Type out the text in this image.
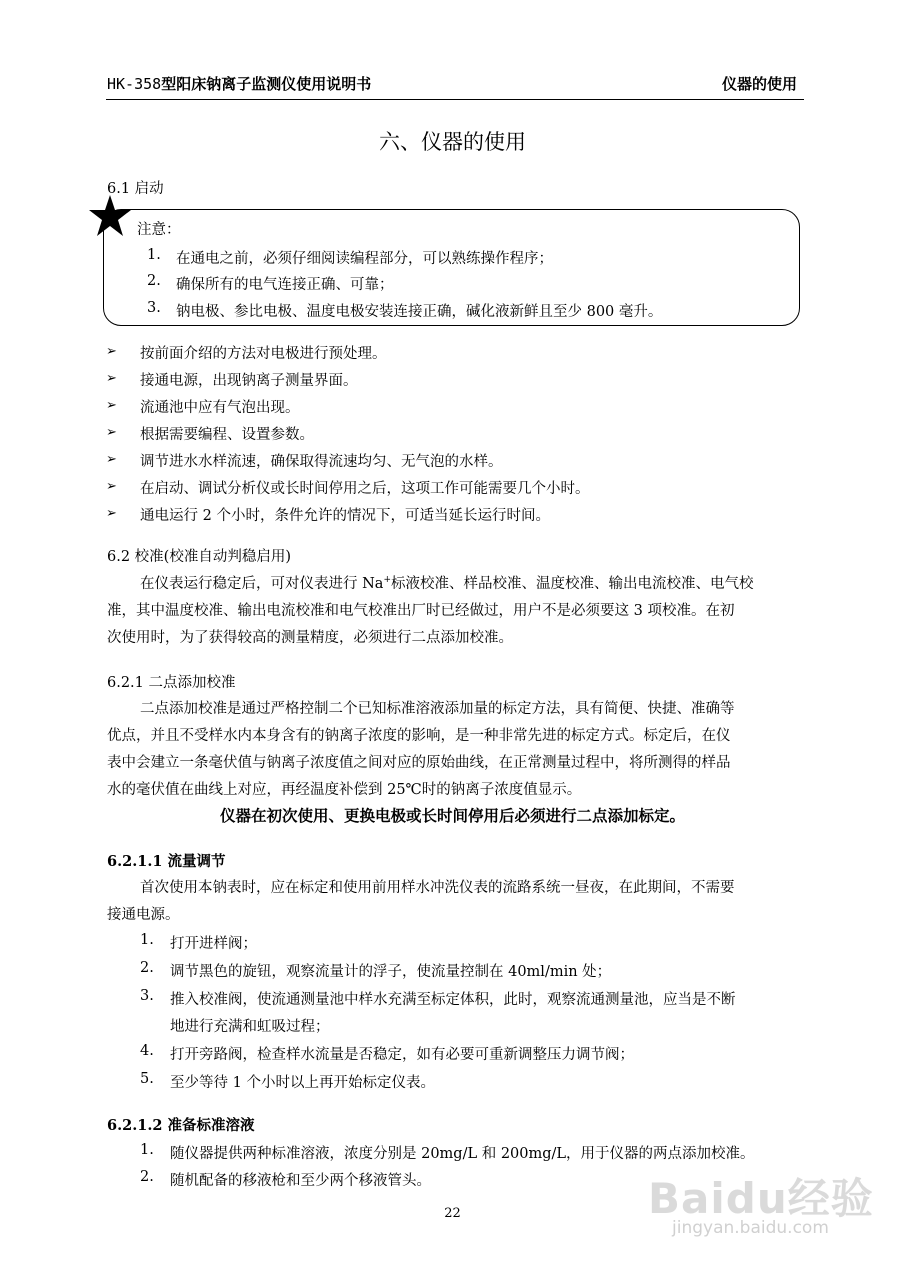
HK-358型阳床钠离子监测仪使用说明书	仪器的使用
六、仪器的使用
6.1 启动
注意：
1. 在通电之前，必须仔细阅读编程部分，可以熟练操作程序；
2. 确保所有的电气连接正确、可靠；
3. 钠电极、参比电极、温度电极安装连接正确，碱化液新鲜且至少 800 毫升。
➢ 按前面介绍的方法对电极进行预处理。
➢ 接通电源，出现钠离子测量界面。
➢ 流通池中应有气泡出现。
➢ 根据需要编程、设置参数。
➢ 调节进水水样流速，确保取得流速均匀、无气泡的水样。
➢ 在启动、调试分析仪或长时间停用之后，这项工作可能需要几个小时。
➢ 通电运行 2 个小时，条件允许的情况下，可适当延长运行时间。
6.2 校准(校准自动判稳启用)
在仪表运行稳定后，可对仪表进行 Na+标液校准、样品校准、温度校准、输出电流校准、电气校
准，其中温度校准、输出电流校准和电气校准出厂时已经做过，用户不是必须要这 3 项校准。在初
次使用时，为了获得较高的测量精度，必须进行二点添加校准。
6.2.1 二点添加校准
二点添加校准是通过严格控制二个已知标准溶液添加量的标定方法，具有简便、快捷、准确等
优点，并且不受样水内本身含有的钠离子浓度的影响，是一种非常先进的标定方式。标定后，在仪
表中会建立一条毫伏值与钠离子浓度值之间对应的原始曲线，在正常测量过程中，将所测得的样品
水的毫伏值在曲线上对应，再经温度补偿到 25℃时的钠离子浓度值显示。
仪器在初次使用、更换电极或长时间停用后必须进行二点添加标定。
6.2.1.1 流量调节
首次使用本钠表时，应在标定和使用前用样水冲洗仪表的流路系统一昼夜，在此期间，不需要
接通电源。
1. 打开进样阀；
2. 调节黑色的旋钮，观察流量计的浮子，使流量控制在 40ml/min 处；
3. 推入校准阀，使流通测量池中样水充满至标定体积，此时，观察流通测量池，应当是不断
地进行充满和虹吸过程；
4. 打开旁路阀，检查样水流量是否稳定，如有必要可重新调整压力调节阀；
5. 至少等待 1 个小时以上再开始标定仪表。
6.2.1.2 准备标准溶液
1. 随仪器提供两种标准溶液，浓度分别是 20mg/L 和 200mg/L，用于仪器的两点添加校准。
2. 随机配备的移液枪和至少两个移液管头。
22	Baidu经验
jingyan.baidu.com
